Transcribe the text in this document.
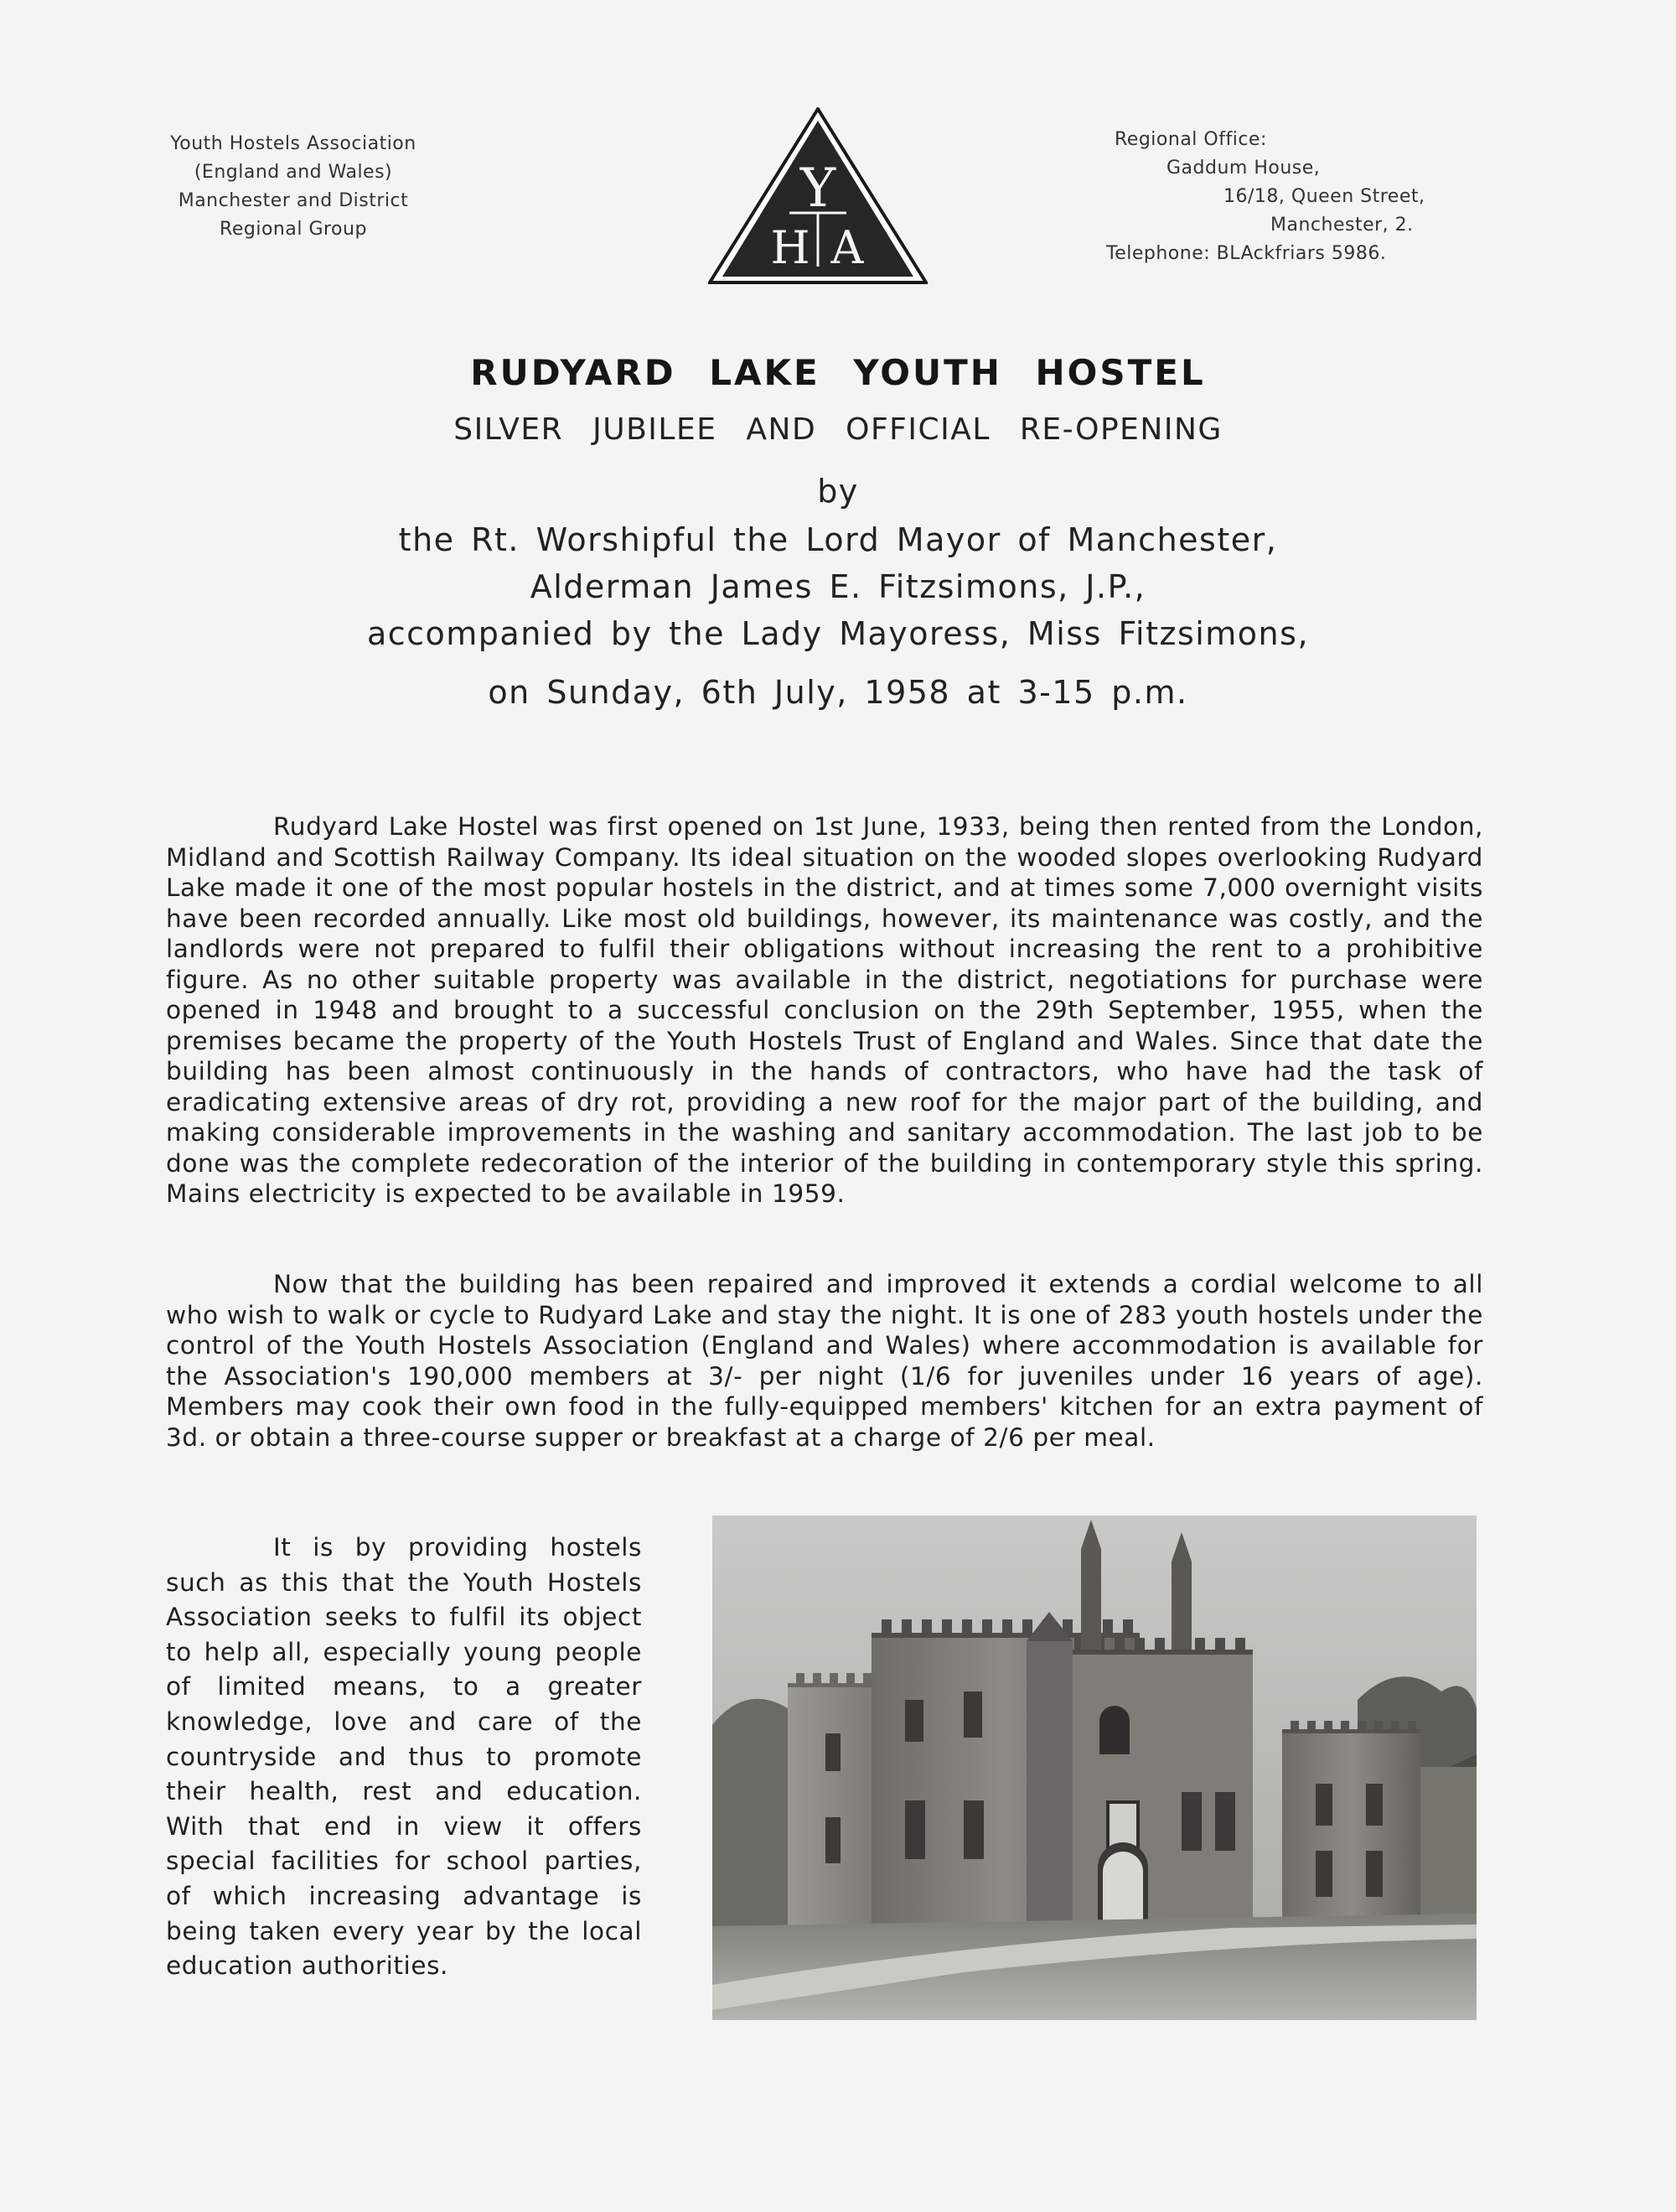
Youth Hostels Association
(England and Wales)
Manchester and District
Regional Group
Y
H A
Regional Office:
Gaddum House,
16/18, Queen Street,
Manchester, 2.
Telephone: BLAckfriars 5986.
RUDYARD LAKE YOUTH HOSTEL
SILVER JUBILEE AND OFFICIAL RE-OPENING
by
the Rt. Worshipful the Lord Mayor of Manchester,
Alderman James E. Fitzsimons, J.P.,
accompanied by the Lady Mayoress, Miss Fitzsimons,
on Sunday, 6th July, 1958 at 3-15 p.m.

Rudyard Lake Hostel was first opened on 1st June, 1933, being then rented from the London, Midland and Scottish Railway Company. Its ideal situation on the wooded slopes overlooking Rudyard Lake made it one of the most popular hostels in the district, and at times some 7,000 overnight visits have been recorded annually. Like most old buildings, however, its maintenance was costly, and the landlords were not prepared to fulfil their obligations without increasing the rent to a prohibitive figure. As no other suitable property was available in the district, negotiations for purchase were opened in 1948 and brought to a successful conclusion on the 29th September, 1955, when the premises became the property of the Youth Hostels Trust of England and Wales. Since that date the building has been almost continuously in the hands of contractors, who have had the task of eradicating extensive areas of dry rot, providing a new roof for the major part of the building, and making considerable improvements in the washing and sanitary accommodation. The last job to be done was the complete redecoration of the interior of the building in contemporary style this spring. Mains electricity is expected to be available in 1959.

Now that the building has been repaired and improved it extends a cordial welcome to all who wish to walk or cycle to Rudyard Lake and stay the night. It is one of 283 youth hostels under the control of the Youth Hostels Association (England and Wales) where accommodation is available for the Association's 190,000 members at 3/- per night (1/6 for juveniles under 16 years of age). Members may cook their own food in the fully-equipped members' kitchen for an extra payment of 3d. or obtain a three-course supper or breakfast at a charge of 2/6 per meal.

It is by providing hostels such as this that the Youth Hostels Association seeks to fulfil its object to help all, especially young people of limited means, to a greater knowledge, love and care of the countryside and thus to promote their health, rest and education. With that end in view it offers special facilities for school parties, of which increasing advantage is being taken every year by the local education authorities.
